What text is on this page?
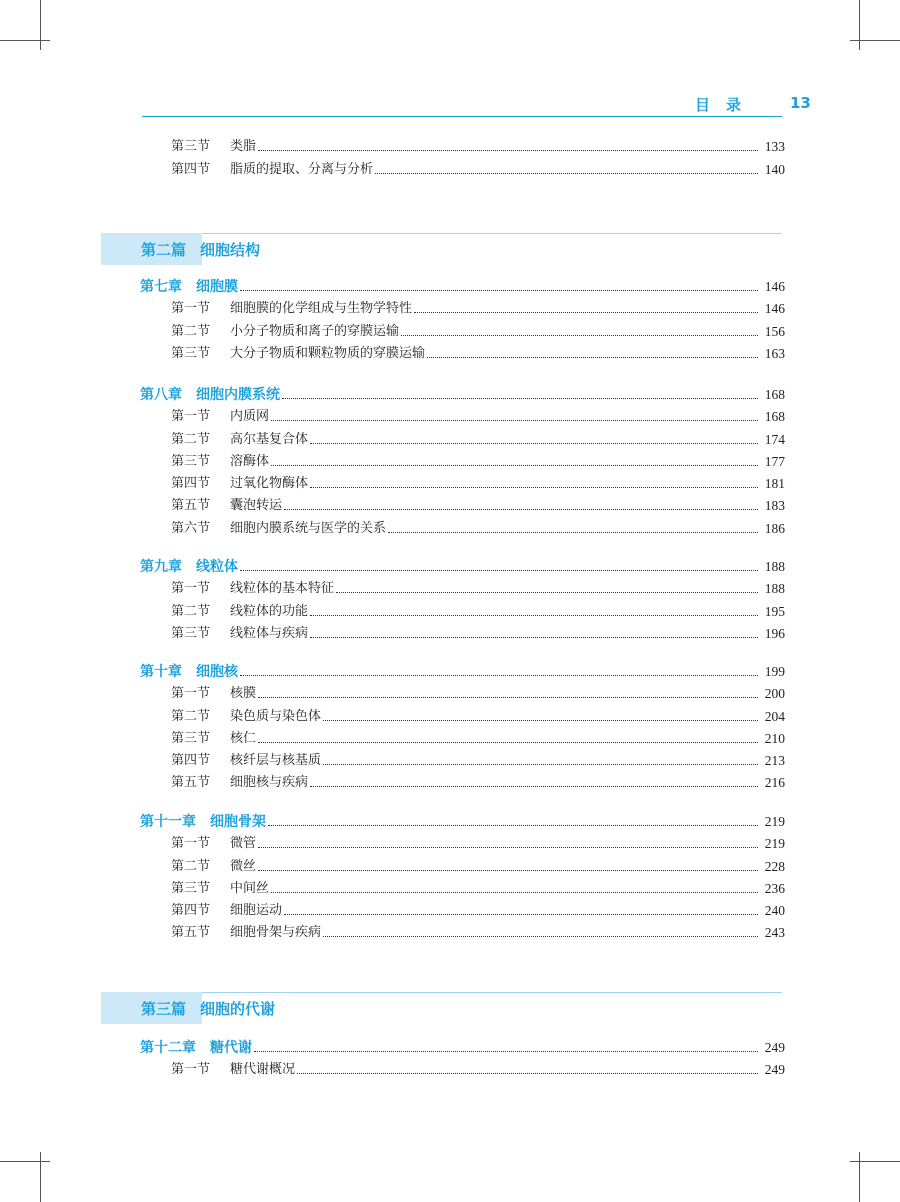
目录 13
第三节 类脂	133
第四节 脂质的提取、分离与分析	140
第二篇 细胞结构
第七章 细胞膜	146
第一节 细胞膜的化学组成与生物学特性	146
第二节 小分子物质和离子的穿膜运输	156
第三节 大分子物质和颗粒物质的穿膜运输	163
第八章 细胞内膜系统	168
第一节 内质网	168
第二节 高尔基复合体	174
第三节 溶酶体	177
第四节 过氧化物酶体	181
第五节 囊泡转运	183
第六节 细胞内膜系统与医学的关系	186
第九章 线粒体	188
第一节 线粒体的基本特征	188
第二节 线粒体的功能	195
第三节 线粒体与疾病	196
第十章 细胞核	199
第一节 核膜	200
第二节 染色质与染色体	204
第三节 核仁	210
第四节 核纤层与核基质	213
第五节 细胞核与疾病	216
第十一章 细胞骨架	219
第一节 微管	219
第二节 微丝	228
第三节 中间丝	236
第四节 细胞运动	240
第五节 细胞骨架与疾病	243
第三篇 细胞的代谢
第十二章 糖代谢	249
第一节 糖代谢概况	249
